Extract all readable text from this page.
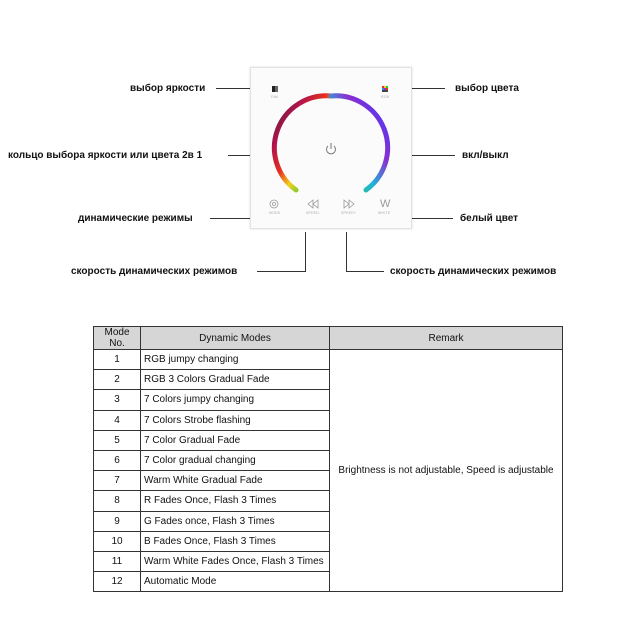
выбор яркости	выбор цвета
кольцо выбора яркости или цвета 2в 1	вкл/выкл
динамические режимы	белый цвет
скорость динамических режимов	скорость динамических режимов
DIM	RGB
MODE	SPEED-	SPEED+
W
WHITE
Mode No.	Dynamic Modes	Remark
1	RGB jumpy changing	Brightness is not adjustable, Speed is adjustable
2	RGB 3 Colors Gradual Fade	
3	7 Colors jumpy changing	
4	7 Colors Strobe flashing	
5	7 Color Gradual Fade	
6	7 Color gradual changing	
7	Warm White Gradual Fade	
8	R Fades Once, Flash 3 Times	
9	G Fades once, Flash 3 Times	
10	B Fades Once, Flash 3 Times	
11	Warm White Fades Once, Flash 3 Times	
12	Automatic Mode	
